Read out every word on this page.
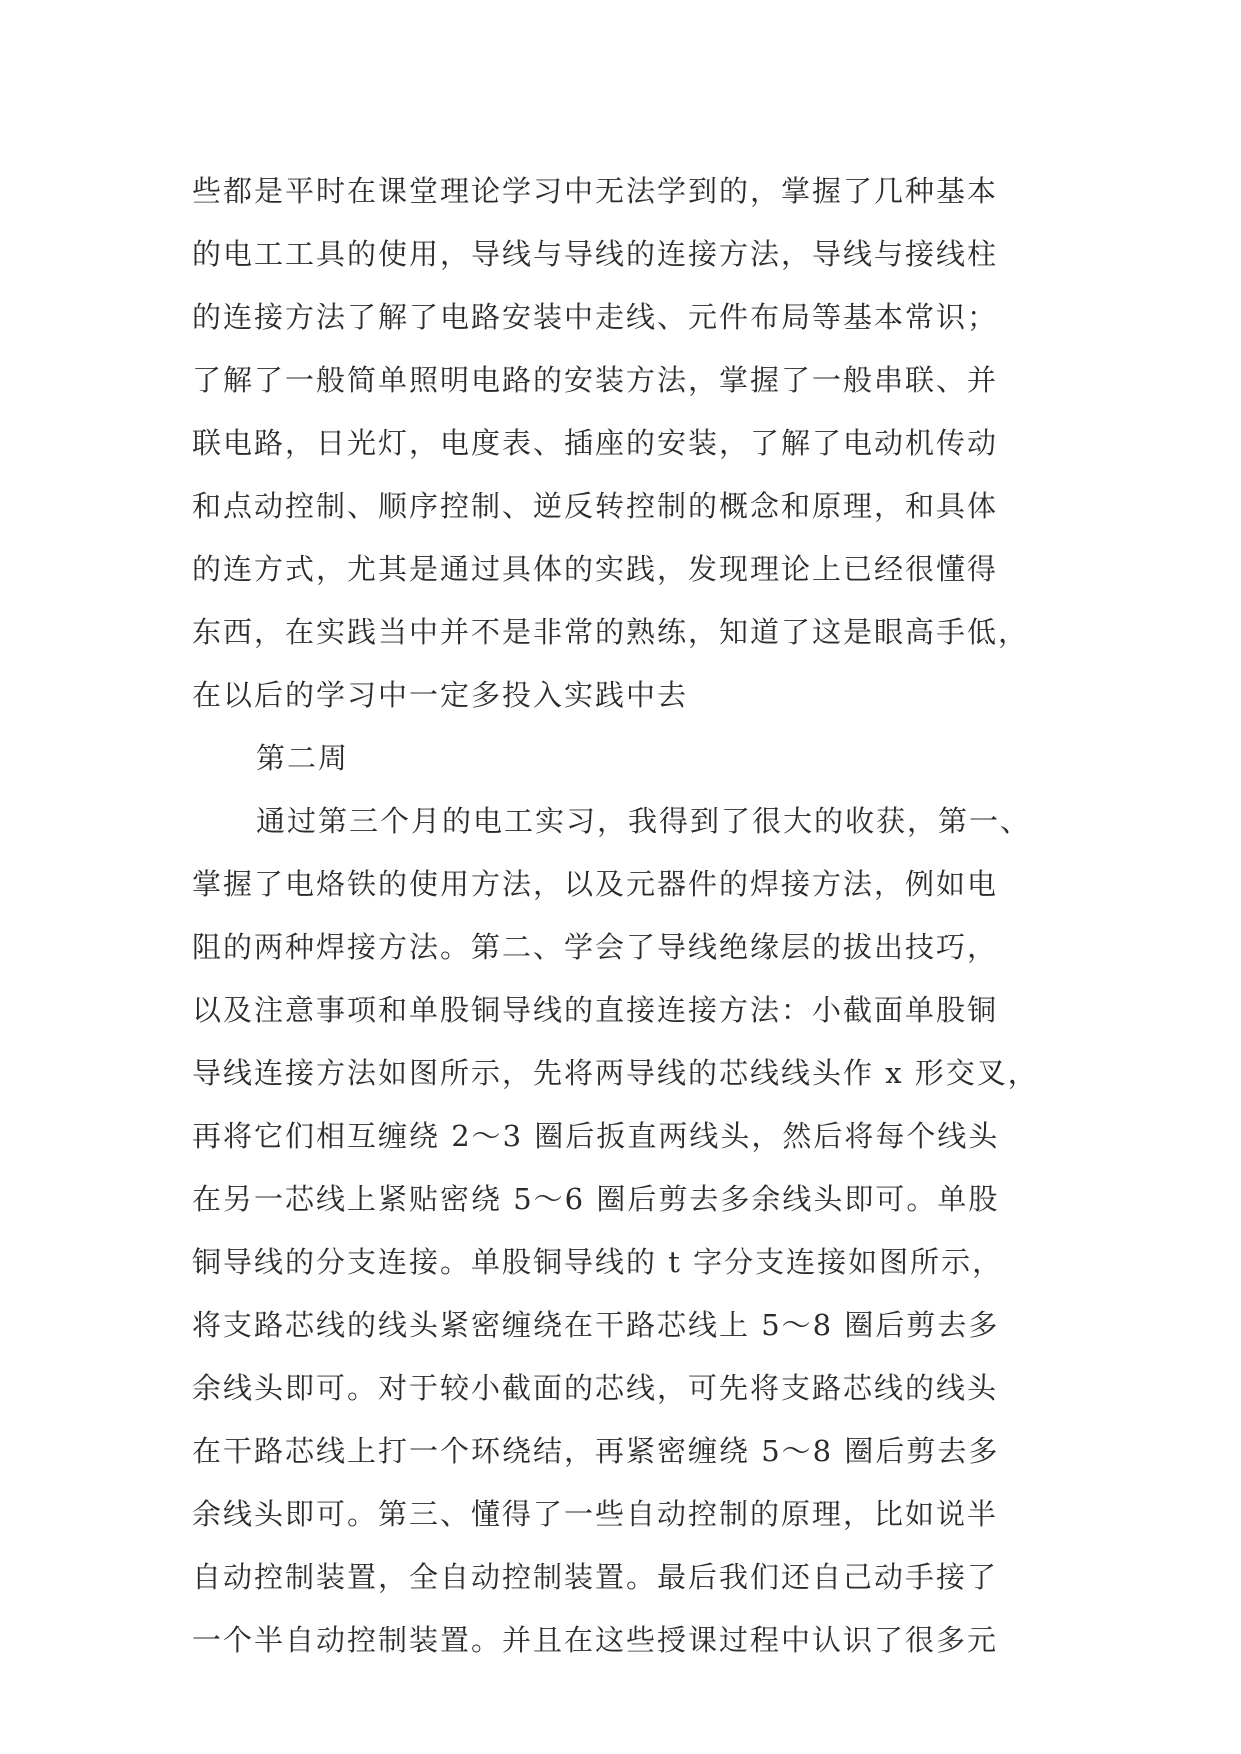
些都是平时在课堂理论学习中无法学到的，掌握了几种基本
的电工工具的使用，导线与导线的连接方法，导线与接线柱
的连接方法了解了电路安装中走线、元件布局等基本常识；
了解了一般简单照明电路的安装方法，掌握了一般串联、并
联电路，日光灯，电度表、插座的安装，了解了电动机传动
和点动控制、顺序控制、逆反转控制的概念和原理，和具体
的连方式，尤其是通过具体的实践，发现理论上已经很懂得
东西，在实践当中并不是非常的熟练，知道了这是眼高手低，
在以后的学习中一定多投入实践中去
第二周
通过第三个月的电工实习，我得到了很大的收获，第一、
掌握了电烙铁的使用方法，以及元器件的焊接方法，例如电
阻的两种焊接方法。第二、学会了导线绝缘层的拔出技巧，
以及注意事项和单股铜导线的直接连接方法：小截面单股铜
导线连接方法如图所示，先将两导线的芯线线头作 x 形交叉，
再将它们相互缠绕 2～3 圈后扳直两线头，然后将每个线头
在另一芯线上紧贴密绕 5～6 圈后剪去多余线头即可。单股
铜导线的分支连接。单股铜导线的 t 字分支连接如图所示，
将支路芯线的线头紧密缠绕在干路芯线上 5～8 圈后剪去多
余线头即可。对于较小截面的芯线，可先将支路芯线的线头
在干路芯线上打一个环绕结，再紧密缠绕 5～8 圈后剪去多
余线头即可。第三、懂得了一些自动控制的原理，比如说半
自动控制装置，全自动控制装置。最后我们还自己动手接了
一个半自动控制装置。并且在这些授课过程中认识了很多元
